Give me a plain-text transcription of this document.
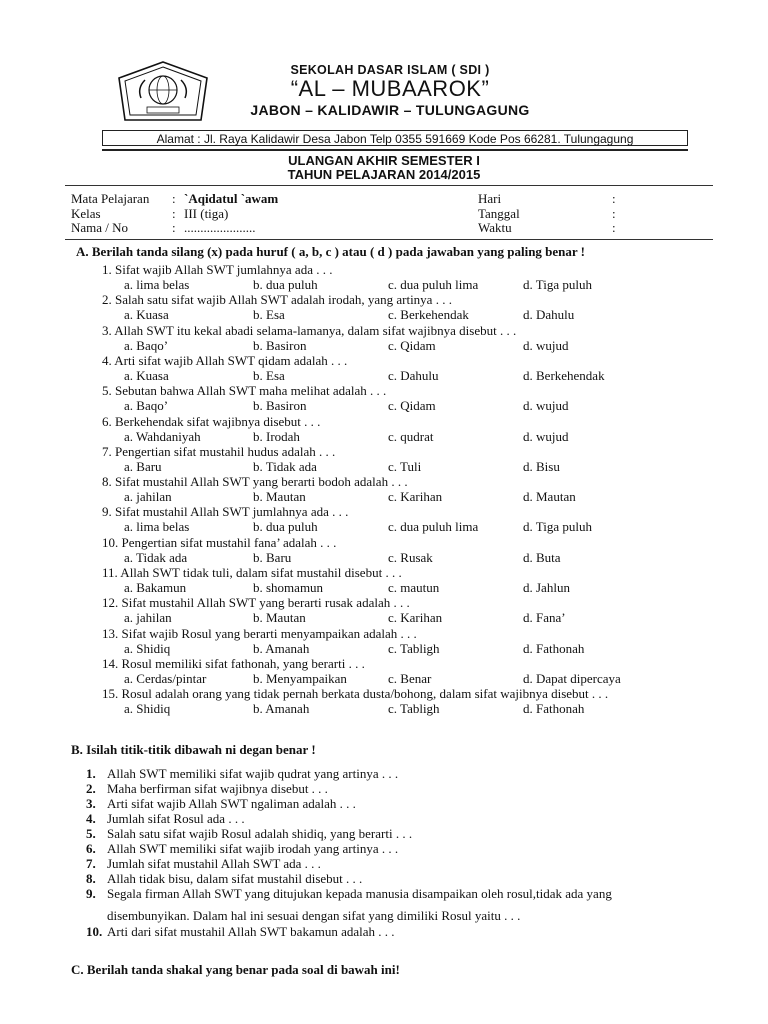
SEKOLAH DASAR ISLAM ( SDI )
“AL – MUBAAROK”
JABON – KALIDAWIR – TULUNGAGUNG
Alamat : Jl. Raya Kalidawir Desa Jabon Telp 0355 591669 Kode Pos 66281. Tulungagung
ULANGAN AKHIR SEMESTER I
TAHUN PELAJARAN 2014/2015
Mata Pelajaran : `Aqidatul `awam
Kelas	: III (tiga)
Nama / No	: ......................
Hari	:
Tanggal	:
Waktu	:
A. Berilah tanda silang (x) pada huruf ( a, b, c ) atau ( d ) pada jawaban yang paling benar !
1. Sifat wajib Allah SWT jumlahnya ada . . .
a. lima belas	b. dua puluh	c. dua puluh lima	d. Tiga puluh
2. Salah satu sifat wajib Allah SWT adalah irodah, yang artinya . . .
a. Kuasa	b. Esa	c. Berkehendak	d. Dahulu
3. Allah SWT itu kekal abadi selama-lamanya, dalam sifat wajibnya disebut . . .
a. Baqo’	b. Basiron	c. Qidam	d. wujud
4. Arti sifat wajib Allah SWT qidam adalah . . .
a. Kuasa	b. Esa	c. Dahulu	d. Berkehendak
5. Sebutan bahwa Allah SWT maha melihat adalah . . .
a. Baqo’	b. Basiron	c. Qidam	d. wujud
6. Berkehendak sifat wajibnya disebut . . .
a. Wahdaniyah	b. Irodah	c. qudrat	d. wujud
7. Pengertian sifat mustahil hudus adalah . . .
a. Baru	b. Tidak ada	c. Tuli	d. Bisu
8. Sifat mustahil Allah SWT yang berarti bodoh adalah . . .
a. jahilan	b. Mautan	c. Karihan	d. Mautan
9. Sifat mustahil Allah SWT jumlahnya ada . . .
a. lima belas	b. dua puluh	c. dua puluh lima	d. Tiga puluh
10. Pengertian sifat mustahil fana’ adalah . . .
a. Tidak ada	b. Baru	c. Rusak	d. Buta
11. Allah SWT tidak tuli, dalam sifat mustahil disebut . . .
a. Bakamun	b. shomamun	c. mautun	d. Jahlun
12. Sifat mustahil Allah SWT yang berarti rusak adalah . . .
a. jahilan	b. Mautan	c. Karihan	d. Fana’
13. Sifat wajib Rosul yang berarti menyampaikan adalah . . .
a. Shidiq	b. Amanah	c. Tabligh	d. Fathonah
14. Rosul memiliki sifat fathonah, yang berarti . . .
a. Cerdas/pintar	b. Menyampaikan	c. Benar	d. Dapat dipercaya
15. Rosul adalah orang yang tidak pernah berkata dusta/bohong, dalam sifat wajibnya disebut . . .
a. Shidiq	b. Amanah	c. Tabligh	d. Fathonah
B. Isilah titik-titik dibawah ni degan benar !
1. Allah SWT memiliki sifat wajib qudrat yang artinya . . .
2. Maha berfirman sifat wajibnya disebut . . .
3. Arti sifat wajib Allah SWT ngaliman adalah . . .
4. Jumlah sifat Rosul ada . . .
5. Salah satu sifat wajib Rosul adalah shidiq, yang berarti . . .
6. Allah SWT memiliki sifat wajib irodah yang artinya . . .
7. Jumlah sifat mustahil Allah SWT ada . . .
8. Allah tidak bisu, dalam sifat mustahil disebut . . .
9. Segala firman Allah SWT yang ditujukan kepada manusia disampaikan oleh rosul,tidak ada yang
disembunyikan. Dalam hal ini sesuai dengan sifat yang dimiliki Rosul yaitu . . .
10. Arti dari sifat mustahil Allah SWT bakamun adalah . . .
C. Berilah tanda shakal yang benar pada soal di bawah ini!
